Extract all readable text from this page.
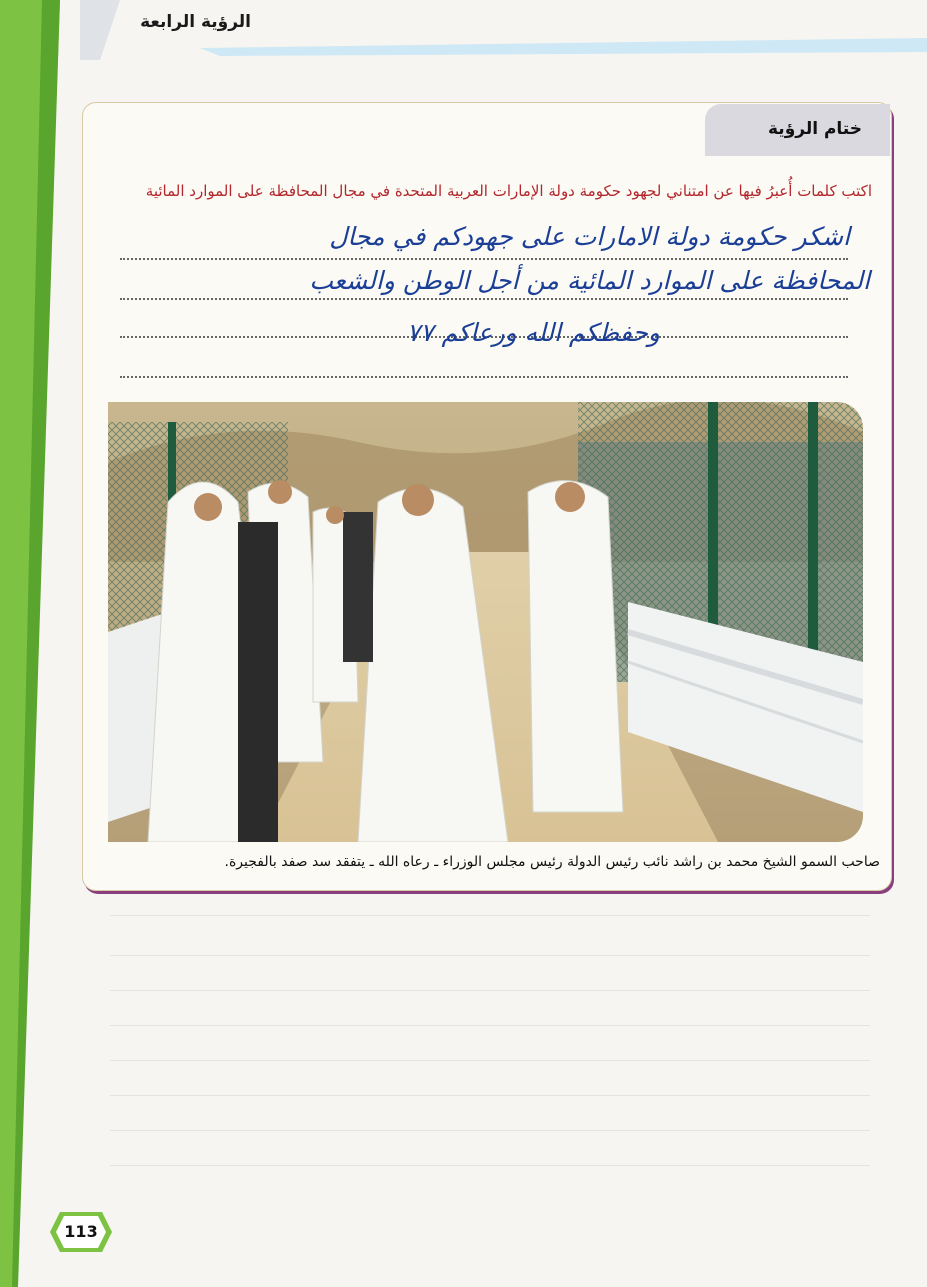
الرؤية الرابعة
ختام الرؤية
اكتب كلمات أُعبرُ فيها عن امتناني لجهود حكومة دولة الإمارات العربية المتحدة في مجال المحافظة على الموارد المائية
اشكر حكومة دولة الامارات على جهودكم في مجال
المحافظة على الموارد المائية من أجل الوطن والشعب
وحفظكم الله ورعاكم ٧٧
صاحب السمو الشيخ محمد بن راشد نائب رئيس الدولة رئيس مجلس الوزراء ـ رعاه الله ـ يتفقد سد صفد بالفجيرة.
113
